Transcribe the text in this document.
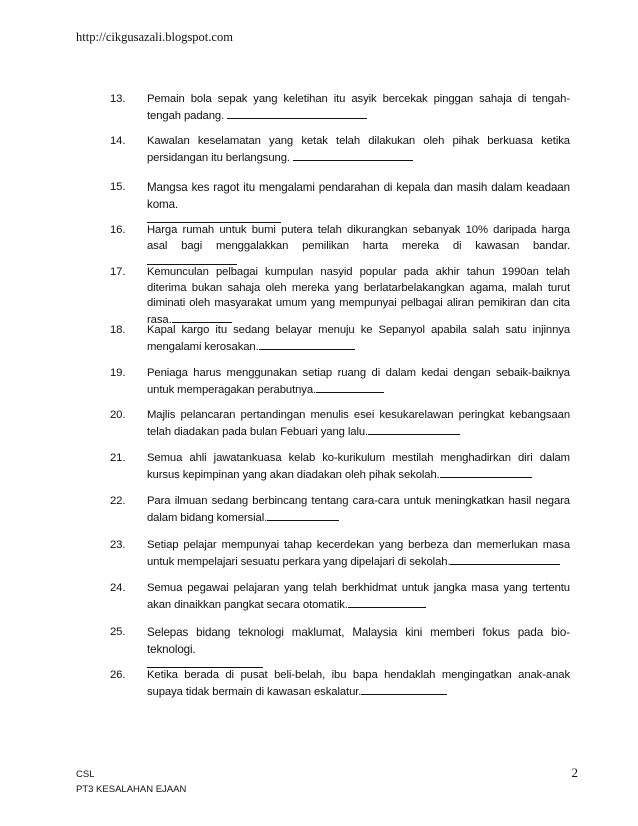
http://cikgusazali.blogspot.com
13.	Pemain bola sepak yang keletihan itu asyik bercekak pinggan sahaja di tengah-tengah padang.
14.	Kawalan keselamatan yang ketak telah dilakukan oleh pihak berkuasa ketika persidangan itu berlangsung.
15.	Mangsa kes ragot itu mengalami pendarahan di kepala dan masih dalam keadaan koma.
16.	Harga rumah untuk bumi putera telah dikurangkan sebanyak 10% daripada harga asal bagi menggalakkan pemilikan harta mereka di kawasan bandar.
17.	Kemunculan pelbagai kumpulan nasyid popular pada akhir tahun 1990an telah diterima bukan sahaja oleh mereka yang berlatarbelakangkan agama, malah turut diminati oleh masyarakat umum yang mempunyai pelbagai aliran pemikiran dan cita rasa.
18.	Kapal kargo itu sedang belayar menuju ke Sepanyol apabila salah satu injinnya mengalami kerosakan.
19.	Peniaga harus menggunakan setiap ruang di dalam kedai dengan sebaik-baiknya untuk memperagakan perabutnya.
20.	Majlis pelancaran pertandingan menulis esei kesukarelawan peringkat kebangsaan telah diadakan pada bulan Febuari yang lalu.
21.	Semua ahli jawatankuasa kelab ko-kurikulum mestilah menghadirkan diri dalam kursus kepimpinan yang akan diadakan oleh pihak sekolah.
22.	Para ilmuan sedang berbincang tentang cara-cara untuk meningkatkan hasil negara dalam bidang komersial.
23.	Setiap pelajar mempunyai tahap kecerdekan yang berbeza dan memerlukan masa untuk mempelajari sesuatu perkara yang dipelajari di sekolah.
24.	Semua pegawai pelajaran yang telah berkhidmat untuk jangka masa yang tertentu akan dinaikkan pangkat secara otomatik.
25.	Selepas bidang teknologi maklumat, Malaysia kini memberi fokus pada bio-teknologi.
26.	Ketika berada di pusat beli-belah, ibu bapa hendaklah mengingatkan anak-anak supaya tidak bermain di kawasan eskalatur.
CSL
PT3 KESALAHAN EJAAN
2
